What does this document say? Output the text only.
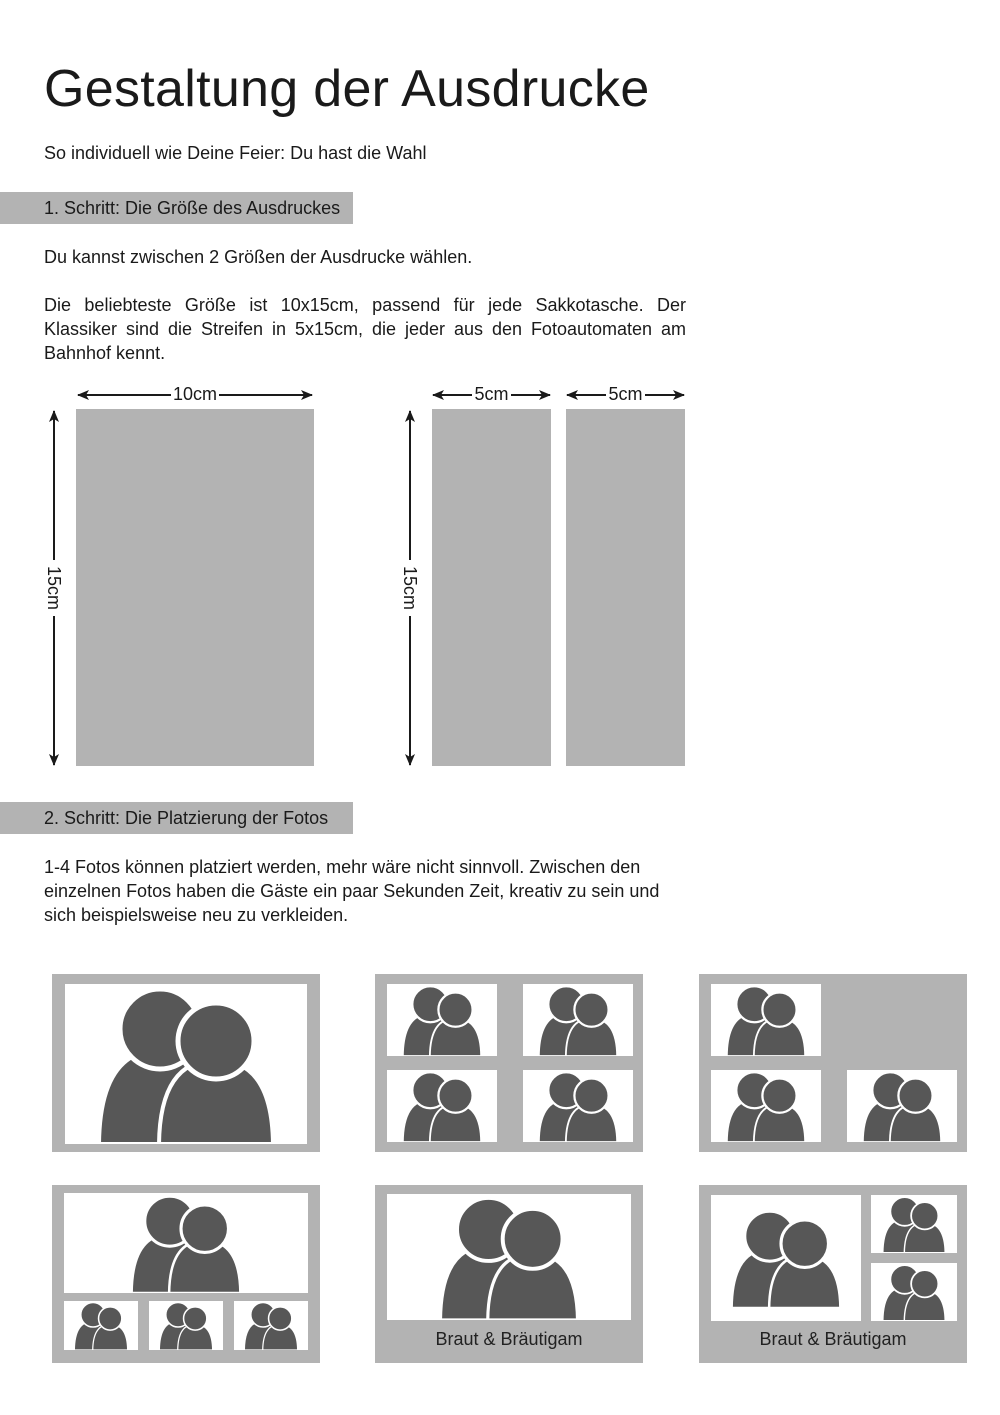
Gestaltung der Ausdrucke
So individuell wie Deine Feier: Du hast die Wahl
1. Schritt: Die Größe des Ausdruckes
Du kannst zwischen 2 Größen der Ausdrucke wählen.
Die beliebteste Größe ist 10x15cm, passend für jede Sakkotasche. Der Klassiker sind die Streifen in 5x15cm, die jeder aus den Fotoautomaten am Bahnhof kennt.
10cm	5cm	5cm
15cm	15cm
2. Schritt: Die Platzierung der Fotos
1-4 Fotos können platziert werden, mehr wäre nicht sinnvoll. Zwischen den einzelnen Fotos haben die Gäste ein paar Sekunden Zeit, kreativ zu sein und sich beispielsweise neu zu verkleiden.
Braut & Bräutigam	Braut & Bräutigam
